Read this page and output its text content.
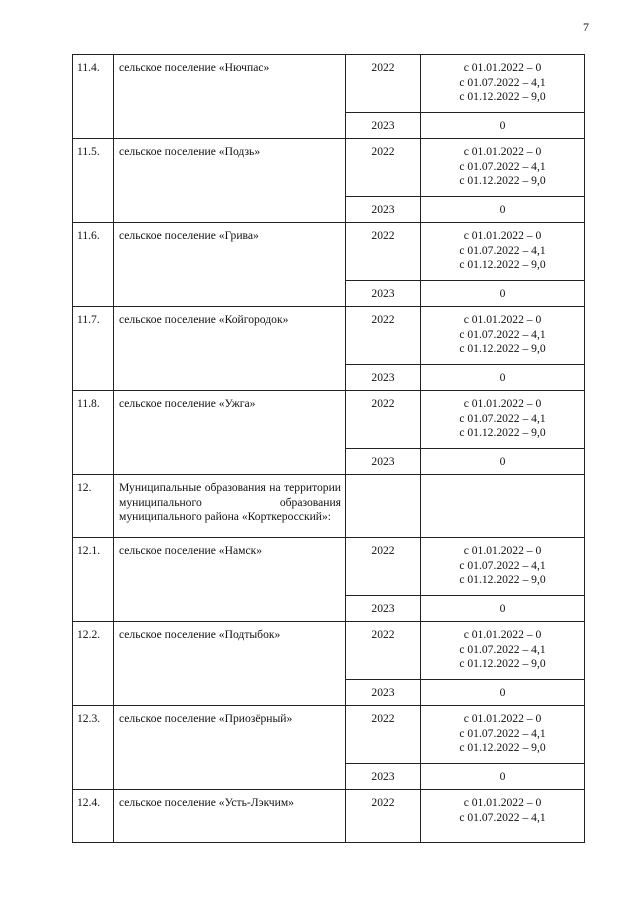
7
11.4.	сельское поселение «Нючпас»	2022	с 01.01.2022 – 0
с 01.07.2022 – 4,1
с 01.12.2022 – 9,0

		2023	0
11.5.	сельское поселение «Подзь»	2022	с 01.01.2022 – 0
с 01.07.2022 – 4,1
с 01.12.2022 – 9,0

		2023	0
11.6.	сельское поселение «Грива»	2022	с 01.01.2022 – 0
с 01.07.2022 – 4,1
с 01.12.2022 – 9,0

		2023	0
11.7.	сельское поселение «Койгородок»	2022	с 01.01.2022 – 0
с 01.07.2022 – 4,1
с 01.12.2022 – 9,0

		2023	0
11.8.	сельское поселение «Ужга»	2022	с 01.01.2022 – 0
с 01.07.2022 – 4,1
с 01.12.2022 – 9,0

		2023	0
12.	Муниципальные образования на территории муниципального образования муниципального района «Корткеросский»:		
12.1.	сельское поселение «Намск»	2022	с 01.01.2022 – 0
с 01.07.2022 – 4,1
с 01.12.2022 – 9,0

		2023	0
12.2.	сельское поселение «Подтыбок»	2022	с 01.01.2022 – 0
с 01.07.2022 – 4,1
с 01.12.2022 – 9,0

		2023	0
12.3.	сельское поселение «Приозёрный»	2022	с 01.01.2022 – 0
с 01.07.2022 – 4,1
с 01.12.2022 – 9,0

		2023	0
12.4.	сельское поселение «Усть-Лэкчим»	2022	с 01.01.2022 – 0
с 01.07.2022 – 4,1
